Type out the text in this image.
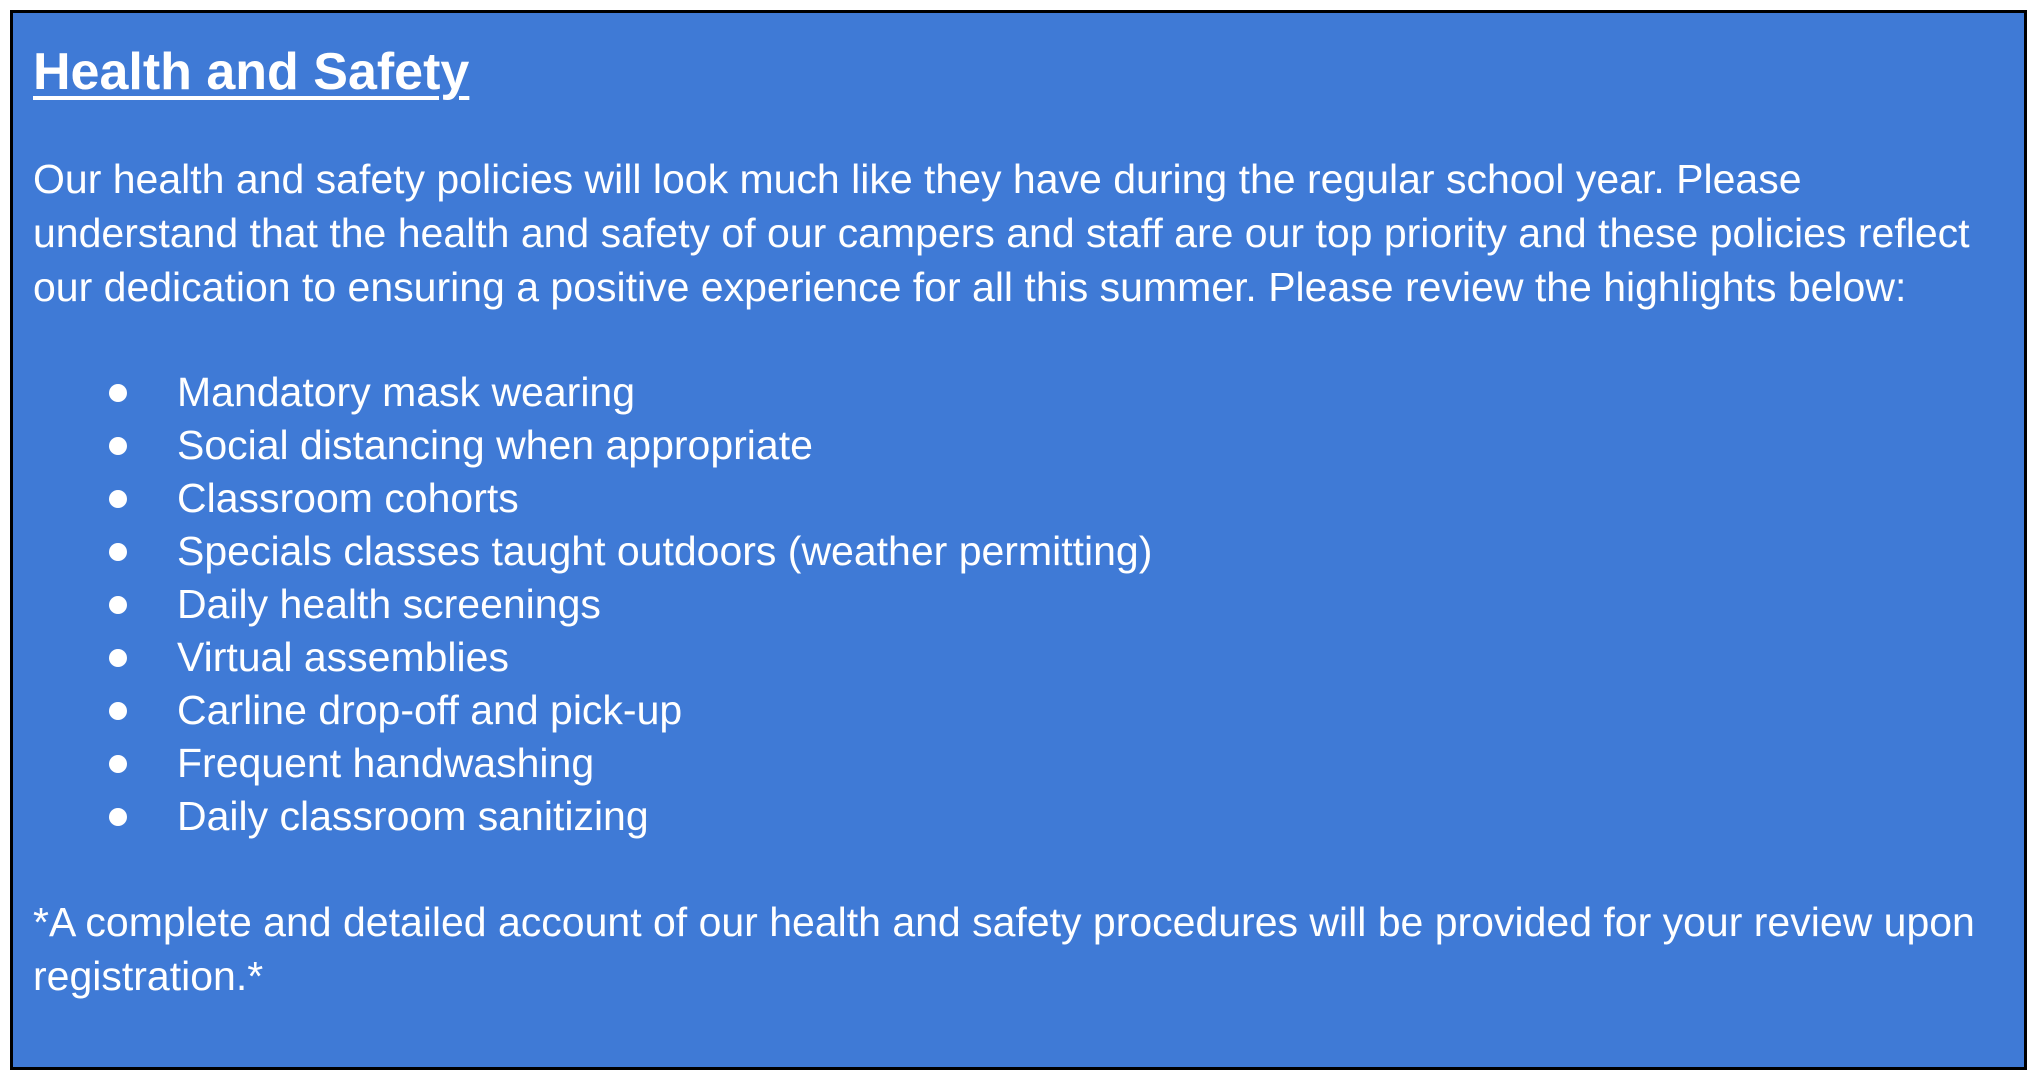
Health and Safety

Our health and safety policies will look much like they have during the regular school year. Please understand that the health and safety of our campers and staff are our top priority and these policies reflect our dedication to ensuring a positive experience for all this summer. Please review the highlights below:

Mandatory mask wearing
Social distancing when appropriate
Classroom cohorts
Specials classes taught outdoors (weather permitting)
Daily health screenings
Virtual assemblies
Carline drop-off and pick-up
Frequent handwashing
Daily classroom sanitizing

*A complete and detailed account of our health and safety procedures will be provided for your review upon registration.*
